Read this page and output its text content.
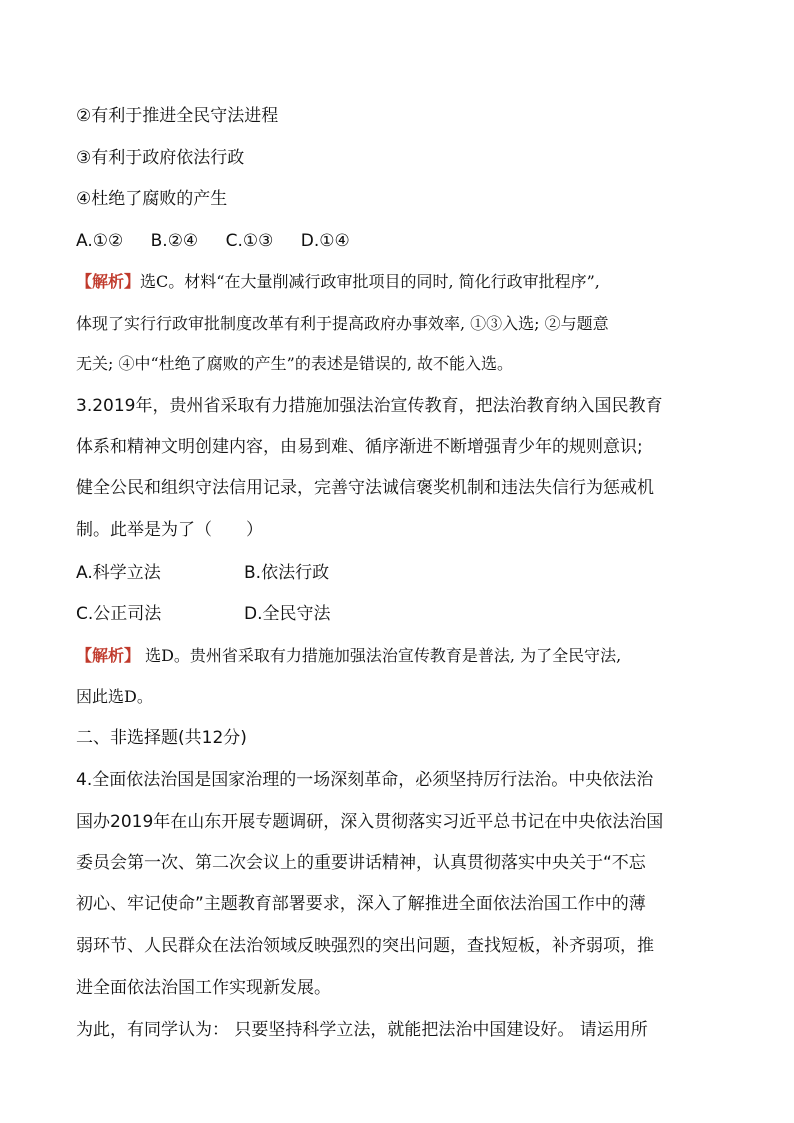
②有利于推进全民守法进程
③有利于政府依法行政
④杜绝了腐败的产生
A.①② B.②④ C.①③ D.①④
【解析】选C。材料“在大量削减行政审批项目的同时, 简化行政审批程序”,
体现了实行行政审批制度改革有利于提高政府办事效率, ①③入选; ②与题意
无关; ④中“杜绝了腐败的产生”的表述是错误的, 故不能入选。
3.2019年，贵州省采取有力措施加强法治宣传教育，把法治教育纳入国民教育
体系和精神文明创建内容，由易到难、循序渐进不断增强青少年的规则意识;
健全公民和组织守法信用记录，完善守法诚信褒奖机制和违法失信行为惩戒机
制。此举是为了（　　）
A.科学立法	B.依法行政
C.公正司法	D.全民守法
【解析】 选D。贵州省采取有力措施加强法治宣传教育是普法, 为了全民守法,
因此选D。
二、非选择题(共12分)
4.全面依法治国是国家治理的一场深刻革命，必须坚持厉行法治。中央依法治
国办2019年在山东开展专题调研，深入贯彻落实习近平总书记在中央依法治国
委员会第一次、第二次会议上的重要讲话精神，认真贯彻落实中央关于“不忘
初心、牢记使命”主题教育部署要求，深入了解推进全面依法治国工作中的薄
弱环节、人民群众在法治领域反映强烈的突出问题，查找短板，补齐弱项，推
进全面依法治国工作实现新发展。
为此，有同学认为： 只要坚持科学立法，就能把法治中国建设好。 请运用所
